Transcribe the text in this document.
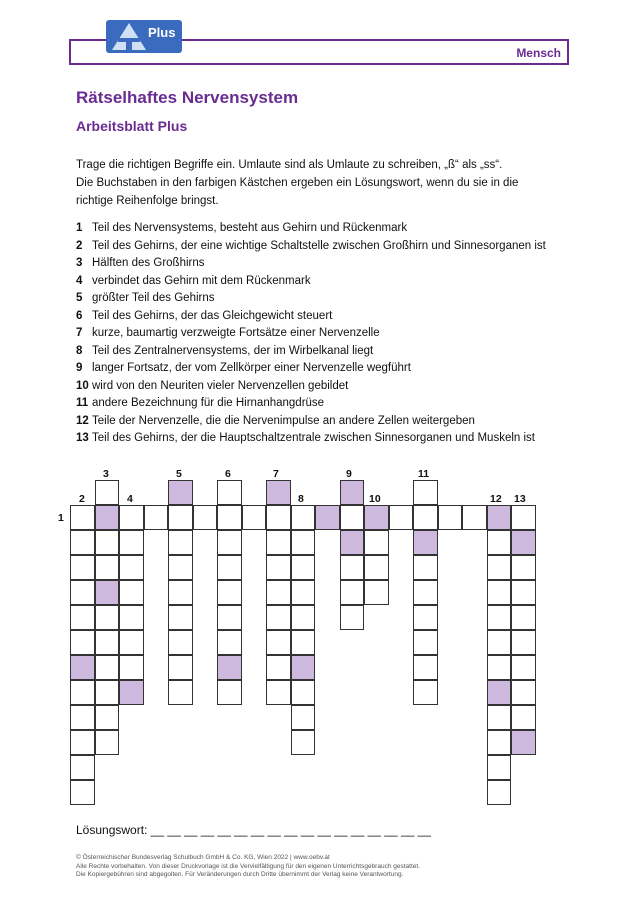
Mensch
Plus
Rätselhaftes Nervensystem
Arbeitsblatt Plus
Trage die richtigen Begriffe ein. Umlaute sind als Umlaute zu schreiben, „ß“ als „ss“.
Die Buchstaben in den farbigen Kästchen ergeben ein Lösungswort, wenn du sie in die
richtige Reihenfolge bringst.
1 Teil des Nervensystems, besteht aus Gehirn und Rückenmark
2 Teil des Gehirns, der eine wichtige Schaltstelle zwischen Großhirn und Sinnesorganen ist
3 Hälften des Großhirns
4 verbindet das Gehirn mit dem Rückenmark
5 größter Teil des Gehirns
6 Teil des Gehirns, der das Gleichgewicht steuert
7 kurze, baumartig verzweigte Fortsätze einer Nervenzelle
8 Teil des Zentralnervensystems, der im Wirbelkanal liegt
9 langer Fortsatz, der vom Zellkörper einer Nervenzelle wegführt
10 wird von den Neuriten vieler Nervenzellen gebildet
11 andere Bezeichnung für die Hirnanhangdrüse
12 Teile der Nervenzelle, die die Nervenimpulse an andere Zellen weitergeben
13 Teil des Gehirns, der die Hauptschaltzentrale zwischen Sinnesorganen und Muskeln ist
1
2
3
4
5	6	7
8
9
10
11
12 13
Lösungswort: __ __ __ __ __ __ __ __ __ __ __ __ __ __ __ __ __
© Österreichischer Bundesverlag Schulbuch GmbH & Co. KG, Wien 2022 | www.oebv.at
Alle Rechte vorbehalten. Von dieser Druckvorlage ist die Vervielfältigung für den eigenen Unterrichtsgebrauch gestattet.
Die Kopiergebühren sind abgegolten. Für Veränderungen durch Dritte übernimmt der Verlag keine Verantwortung.
